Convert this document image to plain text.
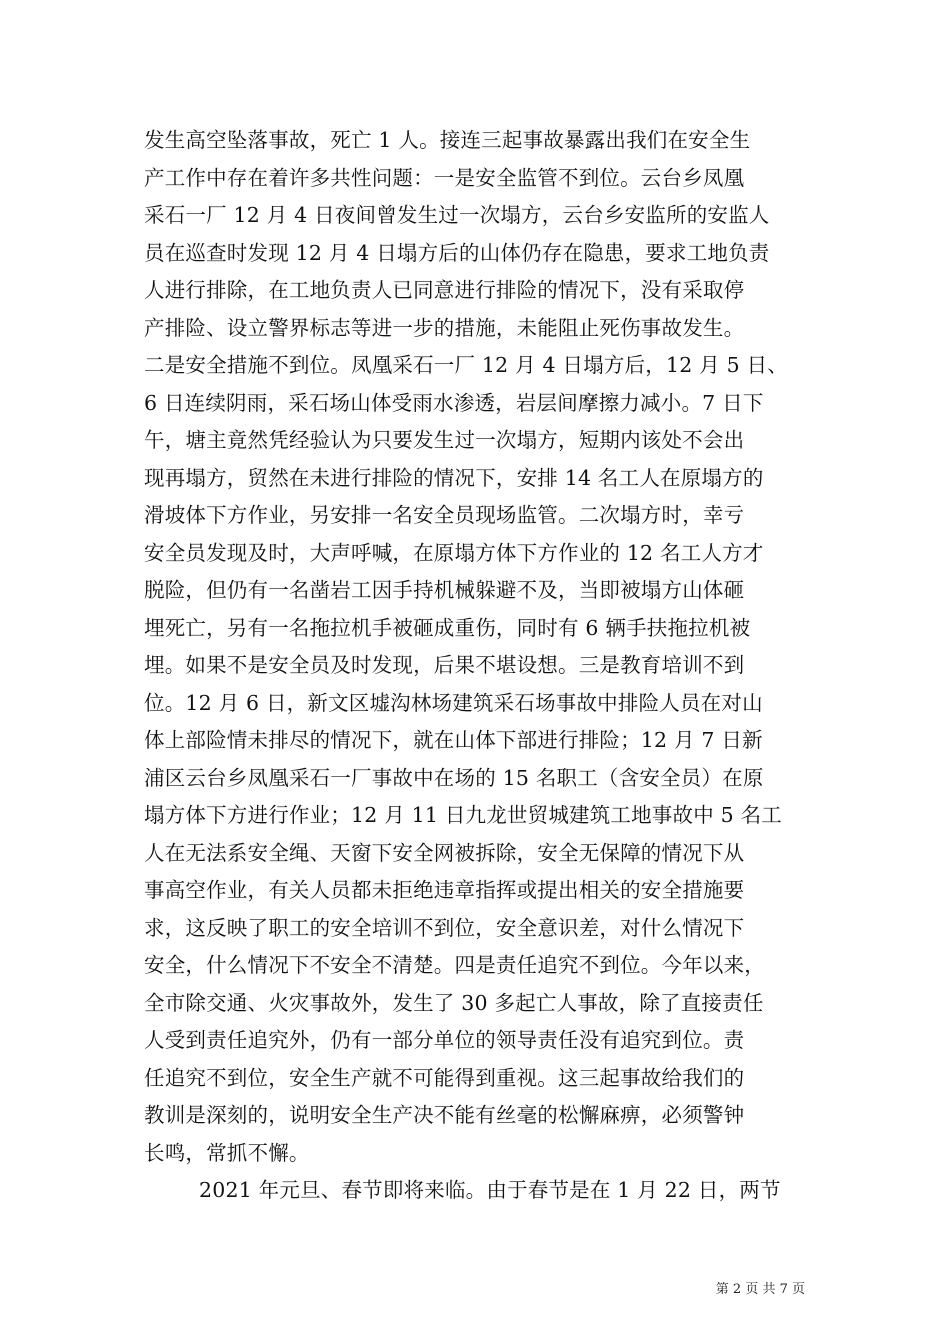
发生高空坠落事故，死亡 1 人。接连三起事故暴露出我们在安全生
产工作中存在着许多共性问题：一是安全监管不到位。云台乡凤凰
采石一厂 12 月 4 日夜间曾发生过一次塌方，云台乡安监所的安监人
员在巡查时发现 12 月 4 日塌方后的山体仍存在隐患，要求工地负责
人进行排除，在工地负责人已同意进行排险的情况下，没有采取停
产排险、设立警界标志等进一步的措施，未能阻止死伤事故发生。
二是安全措施不到位。凤凰采石一厂 12 月 4 日塌方后，12 月 5 日、
6 日连续阴雨，采石场山体受雨水渗透，岩层间摩擦力减小。7 日下
午，塘主竟然凭经验认为只要发生过一次塌方，短期内该处不会出
现再塌方，贸然在未进行排险的情况下，安排 14 名工人在原塌方的
滑坡体下方作业，另安排一名安全员现场监管。二次塌方时，幸亏
安全员发现及时，大声呼喊，在原塌方体下方作业的 12 名工人方才
脱险，但仍有一名凿岩工因手持机械躲避不及，当即被塌方山体砸
埋死亡，另有一名拖拉机手被砸成重伤，同时有 6 辆手扶拖拉机被
埋。如果不是安全员及时发现，后果不堪设想。三是教育培训不到
位。12 月 6 日，新文区墟沟林场建筑采石场事故中排险人员在对山
体上部险情未排尽的情况下，就在山体下部进行排险；12 月 7 日新
浦区云台乡凤凰采石一厂事故中在场的 15 名职工（含安全员）在原
塌方体下方进行作业；12 月 11 日九龙世贸城建筑工地事故中 5 名工
人在无法系安全绳、天窗下安全网被拆除，安全无保障的情况下从
事高空作业，有关人员都未拒绝违章指挥或提出相关的安全措施要
求，这反映了职工的安全培训不到位，安全意识差，对什么情况下
安全，什么情况下不安全不清楚。四是责任追究不到位。今年以来，
全市除交通、火灾事故外，发生了 30 多起亡人事故，除了直接责任
人受到责任追究外，仍有一部分单位的领导责任没有追究到位。责
任追究不到位，安全生产就不可能得到重视。这三起事故给我们的
教训是深刻的，说明安全生产决不能有丝毫的松懈麻痹，必须警钟
长鸣，常抓不懈。
2021 年元旦、春节即将来临。由于春节是在 1 月 22 日，两节
第 2 页 共 7 页
